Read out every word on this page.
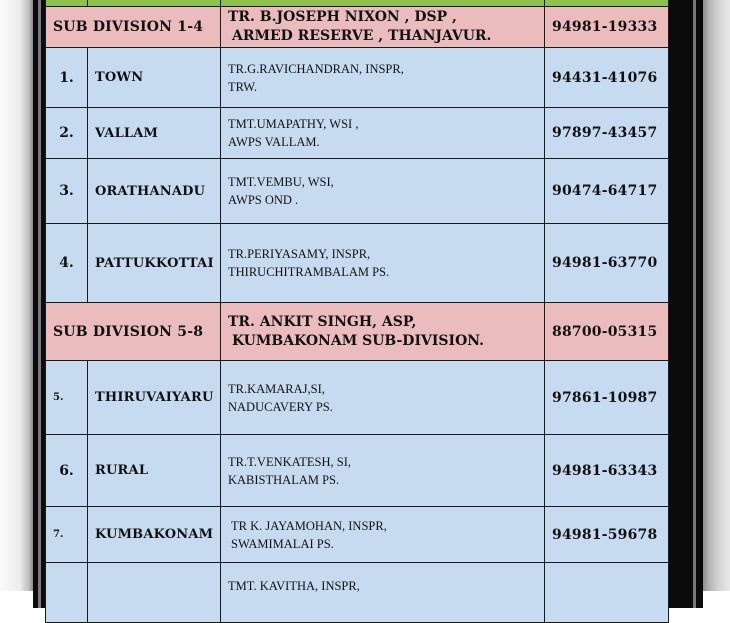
SUB DIVISION 1-4		TR. B.JOSEPH NIXON , DSP ,
ARMED RESERVE , THANJAVUR.	94981-19333
1.	TOWN	TR.G.RAVICHANDRAN, INSPR,
TRW.	94431-41076
2.	VALLAM	TMT.UMAPATHY, WSI ,
AWPS VALLAM.	97897-43457
3.	ORATHANADU	TMT.VEMBU, WSI,
AWPS OND .	90474-64717
4.	PATTUKKOTTAI	TR.PERIYASAMY, INSPR,
THIRUCHITRAMBALAM PS.	94981-63770
SUB DIVISION 5-8		TR. ANKIT SINGH, ASP,
KUMBAKONAM SUB-DIVISION.	88700-05315
5.	THIRUVAIYARU	TR.KAMARAJ,SI,
NADUCAVERY PS.	97861-10987
6.	RURAL	TR.T.VENKATESH, SI,
KABISTHALAM PS.	94981-63343
7.	KUMBAKONAM	TR K. JAYAMOHAN, INSPR,
SWAMIMALAI PS.	94981-59678

		TMT. KAVITHA, INSPR,	
